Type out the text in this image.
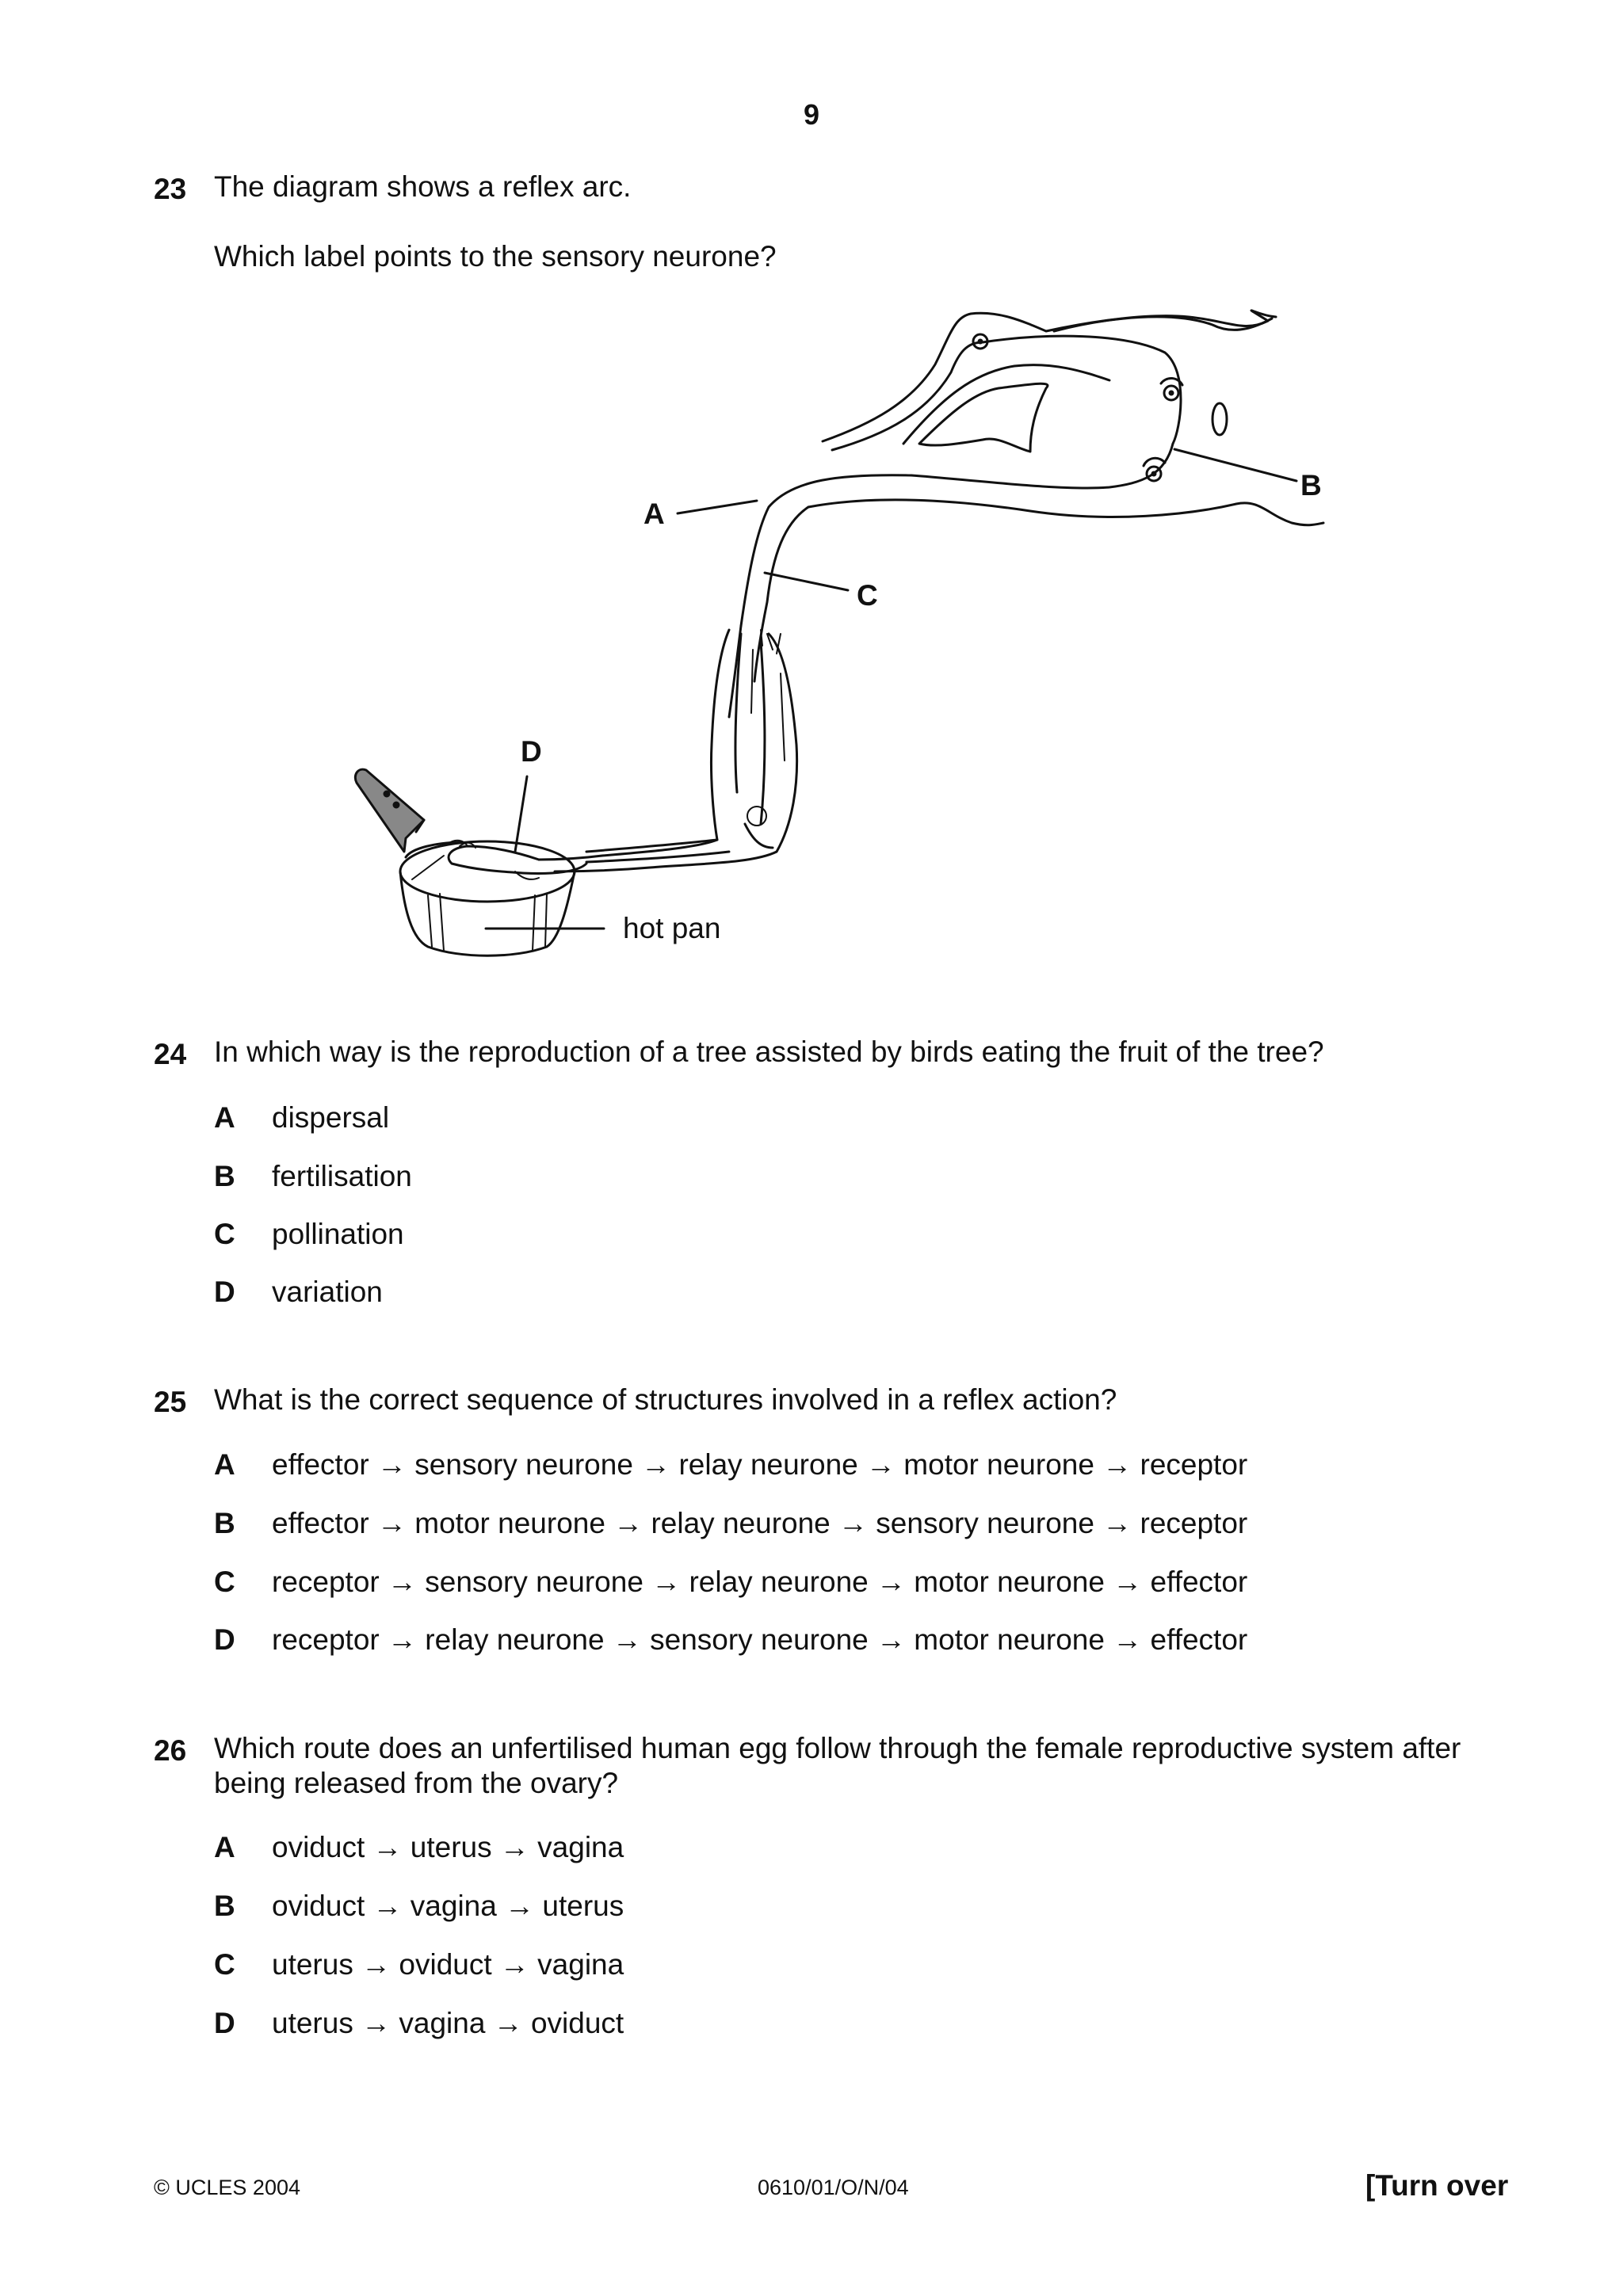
9
23 The diagram shows a reflex arc.
Which label points to the sensory neurone?
A
B
C
D
hot pan
24 In which way is the reproduction of a tree assisted by birds eating the fruit of the tree?
A dispersal
B fertilisation
C pollination
D variation
25 What is the correct sequence of structures involved in a reflex action?
A effector → sensory neurone → relay neurone → motor neurone → receptor
B effector → motor neurone → relay neurone → sensory neurone → receptor
C receptor → sensory neurone → relay neurone → motor neurone → effector
D receptor → relay neurone → sensory neurone → motor neurone → effector
26 Which route does an unfertilised human egg follow through the female reproductive system after
being released from the ovary?
A oviduct → uterus → vagina
B oviduct → vagina → uterus
C uterus → oviduct → vagina
D uterus → vagina → oviduct
© UCLES 2004	0610/01/O/N/04	[Turn over
